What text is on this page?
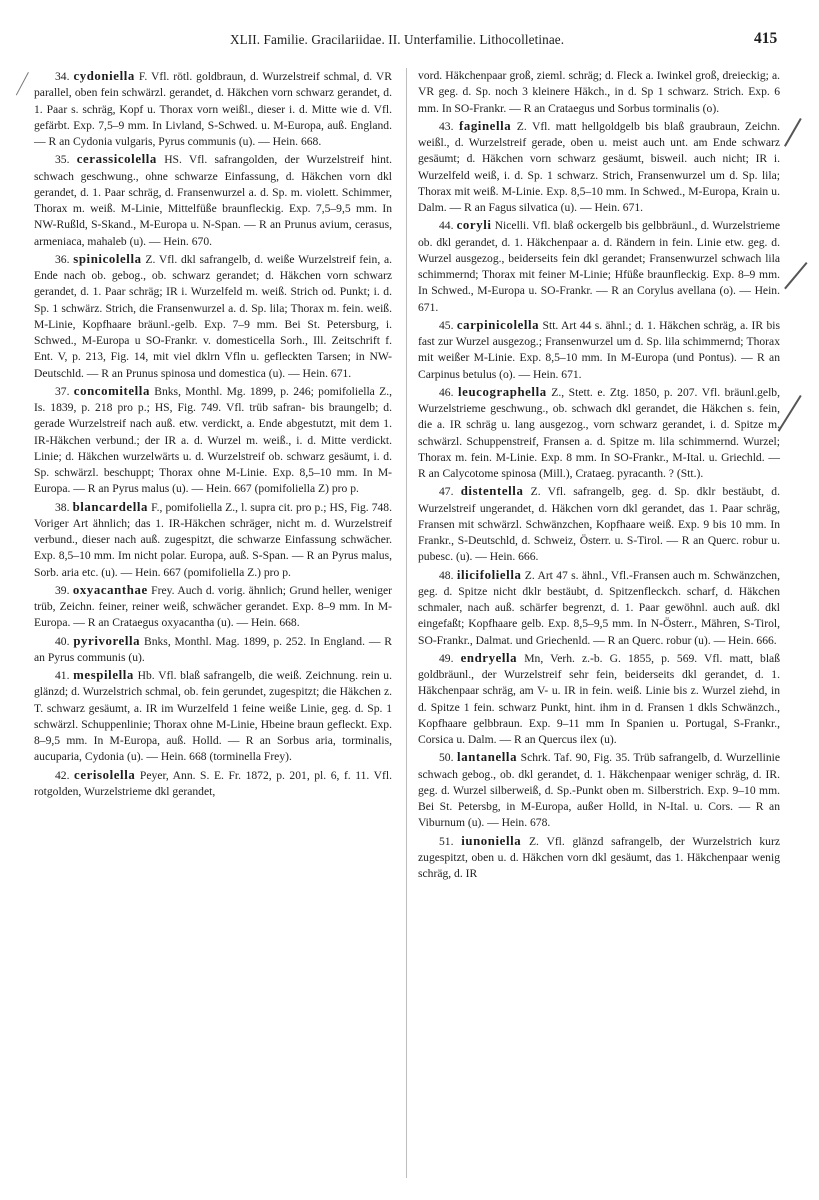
XLII. Familie. Gracilariidae. II. Unterfamilie. Lithocolletinae.	415

34. cydoniella F. Vfl. rötl. goldbraun, d. Wurzelstreif schmal, d. VR parallel, oben fein schwärzl. gerandet, d. Häkchen vorn schwarz gerandet, d. 1. Paar s. schräg, Kopf u. Thorax vorn weißl., dieser i. d. Mitte wie d. Vfl. gefärbt. Exp. 7,5–9 mm. In Livland, S-Schwed. u. M-Europa, auß. England. — R an Cydonia vulgaris, Pyrus communis (u). — Hein. 668.

35. cerassicolella HS. Vfl. safrangolden, der Wurzelstreif hint. schwach geschwung., ohne schwarze Einfassung, d. Häkchen vorn dkl gerandet, d. 1. Paar schräg, d. Fransenwurzel a. d. Sp. m. violett. Schimmer, Thorax m. weiß. M-Linie, Mittelfüße braunfleckig. Exp. 7,5–9,5 mm. In NW-Rußld, S-Skand., M-Europa u. N-Span. — R an Prunus avium, cerasus, armeniaca, mahaleb (u). — Hein. 670.

36. spinicolella Z. Vfl. dkl safrangelb, d. weiße Wurzelstreif fein, a. Ende nach ob. gebog., ob. schwarz gerandet; d. Häkchen vorn schwarz gerandet, d. 1. Paar schräg; IR i. Wurzelfeld m. weiß. Strich od. Punkt; i. d. Sp. 1 schwärz. Strich, die Fransenwurzel a. d. Sp. lila; Thorax m. fein. weiß. M-Linie, Kopfhaare bräunl.-gelb. Exp. 7–9 mm. Bei St. Petersburg, i. Schwed., M-Europa u SO-Frankr. v. domesticella Sorh., Ill. Zeitschrift f. Ent. V, p. 213, Fig. 14, mit viel dklrn Vfln u. gefleckten Tarsen; in NW-Deutschld. — R an Prunus spinosa und domestica (u). — Hein. 671.

37. concomitella Bnks, Monthl. Mg. 1899, p. 246; pomifoliella Z., Is. 1839, p. 218 pro p.; HS, Fig. 749. Vfl. trüb safran- bis braungelb; d. gerade Wurzelstreif nach auß. etw. verdickt, a. Ende abgestutzt, mit dem 1. IR-Häkchen verbund.; der IR a. d. Wurzel m. weiß., i. d. Mitte verdickt. Linie; d. Häkchen wurzelwärts u. d. Wurzelstreif ob. schwarz gesäumt, i. d. Sp. schwärzl. beschuppt; Thorax ohne M-Linie. Exp. 8,5–10 mm. In M-Europa. — R an Pyrus malus (u). — Hein. 667 (pomifoliella Z) pro p.

38. blancardella F., pomifoliella Z., l. supra cit. pro p.; HS, Fig. 748. Voriger Art ähnlich; das 1. IR-Häkchen schräger, nicht m. d. Wurzelstreif verbund., dieser nach auß. zugespitzt, die schwarze Einfassung schwächer. Exp. 8,5–10 mm. Im nicht polar. Europa, auß. S-Span. — R an Pyrus malus, Sorb. aria etc. (u). — Hein. 667 (pomifoliella Z.) pro p.

39. oxyacanthae Frey. Auch d. vorig. ähnlich; Grund heller, weniger trüb, Zeichn. feiner, reiner weiß, schwächer gerandet. Exp. 8–9 mm. In M-Europa. — R an Crataegus oxyacantha (u). — Hein. 668.

40. pyrivorella Bnks, Monthl. Mag. 1899, p. 252. In England. — R an Pyrus communis (u).

41. mespilella Hb. Vfl. blaß safrangelb, die weiß. Zeichnung. rein u. glänzd; d. Wurzelstrich schmal, ob. fein gerundet, zugespitzt; die Häkchen z. T. schwarz gesäumt, a. IR im Wurzelfeld 1 feine weiße Linie, geg. d. Sp. 1 schwärzl. Schuppenlinie; Thorax ohne M-Linie, Hbeine braun gefleckt. Exp. 8–9,5 mm. In M-Europa, auß. Holld. — R an Sorbus aria, torminalis, aucuparia, Cydonia (u). — Hein. 668 (torminella Frey).

42. cerisolella Peyer, Ann. S. E. Fr. 1872, p. 201, pl. 6, f. 11. Vfl. rotgolden, Wurzelstrieme dkl gerandet,

vord. Häkchenpaar groß, zieml. schräg; d. Fleck a. Iwinkel groß, dreieckig; a. VR geg. d. Sp. noch 3 kleinere Häkch., in d. Sp 1 schwarz. Strich. Exp. 6 mm. In SO-Frankr. — R an Crataegus und Sorbus torminalis (o).

43. faginella Z. Vfl. matt hellgoldgelb bis blaß graubraun, Zeichn. weißl., d. Wurzelstreif gerade, oben u. meist auch unt. am Ende schwarz gesäumt; d. Häkchen vorn schwarz gesäumt, bisweil. auch nicht; IR i. Wurzelfeld weiß, i. d. Sp. 1 schwarz. Strich, Fransenwurzel um d. Sp. lila; Thorax mit weiß. M-Linie. Exp. 8,5–10 mm. In Schwed., M-Europa, Krain u. Dalm. — R an Fagus silvatica (u). — Hein. 671.

44. coryli Nicelli. Vfl. blaß ockergelb bis gelbbräunl., d. Wurzelstrieme ob. dkl gerandet, d. 1. Häkchenpaar a. d. Rändern in fein. Linie etw. geg. d. Wurzel ausgezog., beiderseits fein dkl gerandet; Fransenwurzel schwach lila schimmernd; Thorax mit feiner M-Linie; Hfüße braunfleckig. Exp. 8–9 mm. In Schwed., M-Europa u. SO-Frankr. — R an Corylus avellana (o). — Hein. 671.

45. carpinicolella Stt. Art 44 s. ähnl.; d. 1. Häkchen schräg, a. IR bis fast zur Wurzel ausgezog.; Fransenwurzel um d. Sp. lila schimmernd; Thorax mit weißer M-Linie. Exp. 8,5–10 mm. In M-Europa (und Pontus). — R an Carpinus betulus (o). — Hein. 671.

46. leucographella Z., Stett. e. Ztg. 1850, p. 207. Vfl. bräunl.gelb, Wurzelstrieme geschwung., ob. schwach dkl gerandet, die Häkchen s. fein, die a. IR schräg u. lang ausgezog., vorn schwarz gerandet, i. d. Spitze m. schwärzl. Schuppenstreif, Fransen a. d. Spitze m. lila schimmernd. Wurzel; Thorax m. fein. M-Linie. Exp. 8 mm. In SO-Frankr., M-Ital. u. Griechld. — R an Calycotome spinosa (Mill.), Crataeg. pyracanth. ? (Stt.).

47. distentella Z. Vfl. safrangelb, geg. d. Sp. dklr bestäubt, d. Wurzelstreif ungerandet, d. Häkchen vorn dkl gerandet, das 1. Paar schräg, Fransen mit schwärzl. Schwänzchen, Kopfhaare weiß. Exp. 9 bis 10 mm. In Frankr., S-Deutschld, d. Schweiz, Österr. u. S-Tirol. — R an Querc. robur u. pubesc. (u). — Hein. 666.

48. ilicifoliella Z. Art 47 s. ähnl., Vfl.-Fransen auch m. Schwänzchen, geg. d. Spitze nicht dklr bestäubt, d. Spitzenfleckch. scharf, d. Häkchen schmaler, nach auß. schärfer begrenzt, d. 1. Paar gewöhnl. auch auß. dkl eingefaßt; Kopfhaare gelb. Exp. 8,5–9,5 mm. In N-Österr., Mähren, S-Tirol, SO-Frankr., Dalmat. und Griechenld. — R an Querc. robur (u). — Hein. 666.

49. endryella Mn, Verh. z.-b. G. 1855, p. 569. Vfl. matt, blaß goldbräunl., der Wurzelstreif sehr fein, beiderseits dkl gerandet, d. 1. Häkchenpaar schräg, am V- u. IR in fein. weiß. Linie bis z. Wurzel ziehd, in d. Spitze 1 fein. schwarz Punkt, hint. ihm in d. Fransen 1 dkls Schwänzch., Kopfhaare gelbbraun. Exp. 9–11 mm In Spanien u. Portugal, S-Frankr., Corsica u. Dalm. — R an Quercus ilex (u).

50. lantanella Schrk. Taf. 90, Fig. 35. Trüb safrangelb, d. Wurzellinie schwach gebog., ob. dkl gerandet, d. 1. Häkchenpaar weniger schräg, d. IR. geg. d. Wurzel silberweiß, d. Sp.-Punkt oben m. Silberstrich. Exp. 9–10 mm. Bei St. Petersbg, in M-Europa, außer Holld, in N-Ital. u. Cors. — R an Viburnum (u). — Hein. 678.

51. iunoniella Z. Vfl. glänzd safrangelb, der Wurzelstrich kurz zugespitzt, oben u. d. Häkchen vorn dkl gesäumt, das 1. Häkchenpaar wenig schräg, d. IR
